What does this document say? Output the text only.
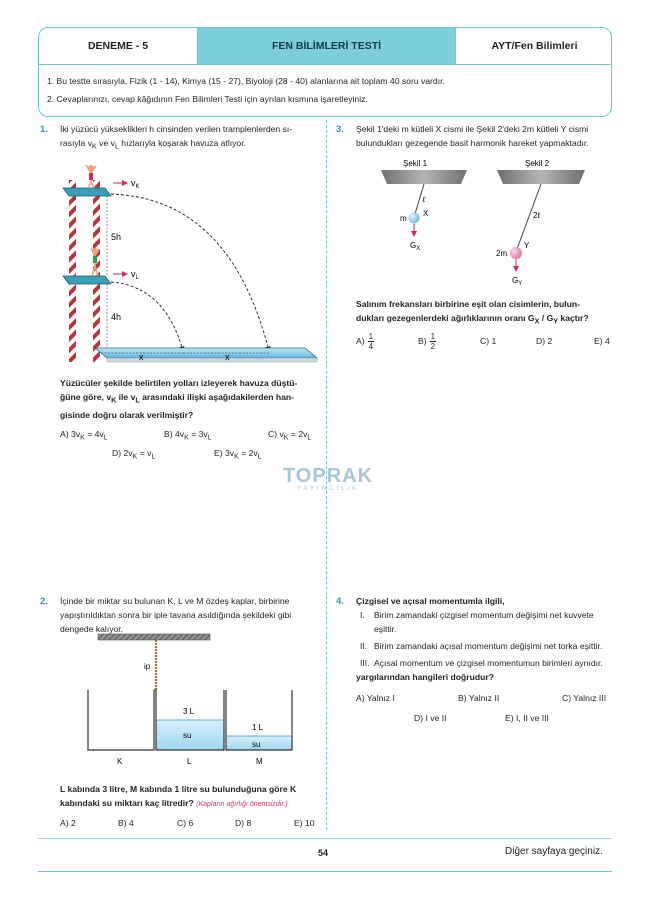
DENEME - 5	FEN BİLİMLERİ TESTİ	AYT/Fen Bilimleri
1. Bu testte sırasıyla, Fizik (1 - 14), Kimya (15 - 27), Biyoloji (28 - 40) alanlarına ait toplam 40 soru vardır.
2. Cevaplarınızı, cevap kâğıdının Fen Bilimleri Testi için ayrılan kısmına işaretleyiniz.
1. İki yüzücü yükseklikleri h cinsinden verilen tramplenlerden sı-
rasıyla $v_K$ ve $v_L$ hızlarıyla koşarak havuza atlıyor.
$v_K$
$v_L$
5h
4h
x	x
Yüzücüler şekilde belirtilen yolları izleyerek havuza düştü-
ğüne göre, $v_K$ ile $v_L$ arasındaki ilişki aşağıdakilerden han-
gisinde doğru olarak verilmiştir?
A) $3v_K = 4v_L$	B) $4v_K = 3v_L$	C) $v_K = 2v_L$
D) $2v_K = v_L$	E) $3v_K = 2v_L$
TOPRAK
YAYINCILIK
2. İçinde bir miktar su bulunan K, L ve M özdeş kaplar, birbirine
yapıştırıldıktan sonra bir iple tavana asıldığında şekildeki gibi
dengede kalıyor.
ip
3 L
1 L
su
su
K	L	M
L kabında 3 litre, M kabında 1 litre su bulunduğuna göre K
kabındaki su miktarı kaç litredir? (Kapların ağırlığı önemsizdir.)
A) 2	B) 4	C) 6	D) 8	E) 10
3. Şekil 1'deki m kütleli X cismi ile Şekil 2'deki 2m kütleli Y cismi
bulundukları gezegende basit harmonik hareket yapmaktadır.
Şekil 1	Şekil 2
ℓ
2ℓ
m
X
2m
Y
$G_X$
$G_Y$
Salınım frekansları birbirine eşit olan cisimlerin, bulun-
dukları gezegenlerdeki ağırlıklarının oranı $G_X / G_Y$ kaçtır?
$A) \frac{1}{4}$	$B) \frac{1}{2}$	C) 1	D) 2	E) 4
4. Çizgisel ve açısal momentumla ilgili,
I.	Birim zamandaki çizgisel momentum değişimi net kuvvete
eşittir.
II. Birim zamandaki açısal momentum değişimi net torka eşittir.
III. Açısal momentum ve çizgisel momentumun birimleri aynıdır.
yargılarından hangileri doğrudur?
A) Yalnız I	B) Yalnız II	C) Yalnız III
D) I ve II	E) I, II ve III
54	Diğer sayfaya geçiniz.
